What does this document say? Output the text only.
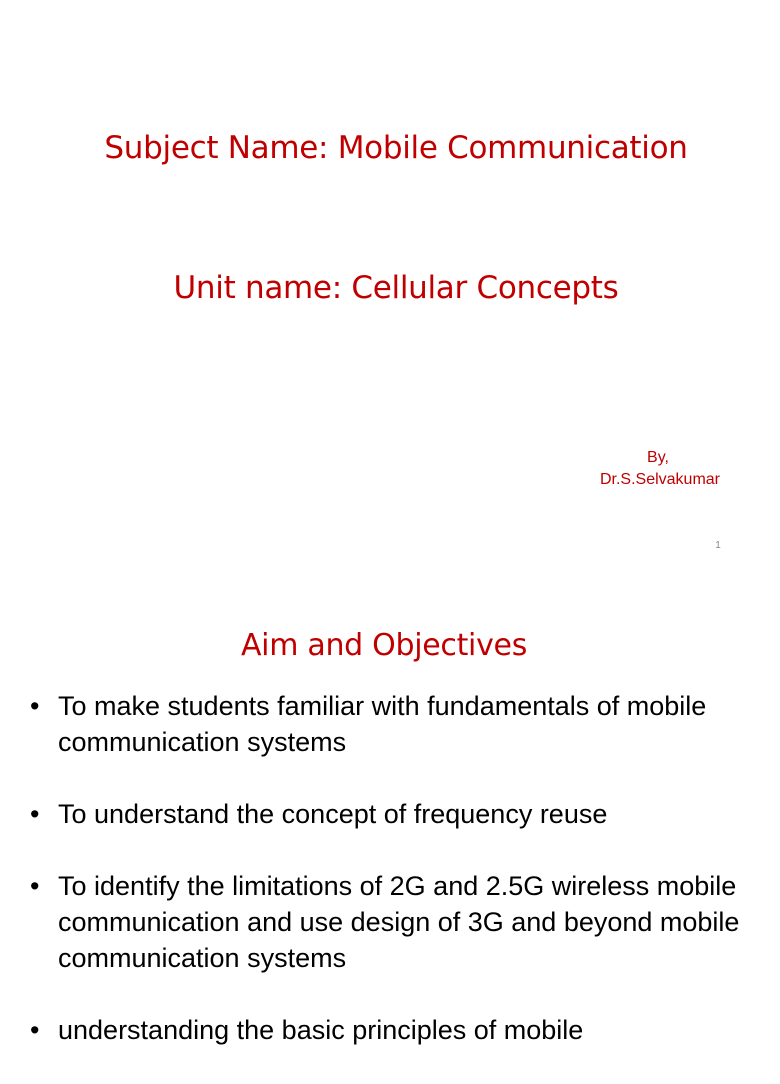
Subject Name: Mobile Communication
Unit name: Cellular Concepts
By,
Dr.S.Selvakumar
1
Aim and Objectives
• To make students familiar with fundamentals of mobile communication systems
• To understand the concept of frequency reuse
• To identify the limitations of 2G and 2.5G wireless mobile communication and use design of 3G and beyond mobile communication systems
• understanding the basic principles of mobile
